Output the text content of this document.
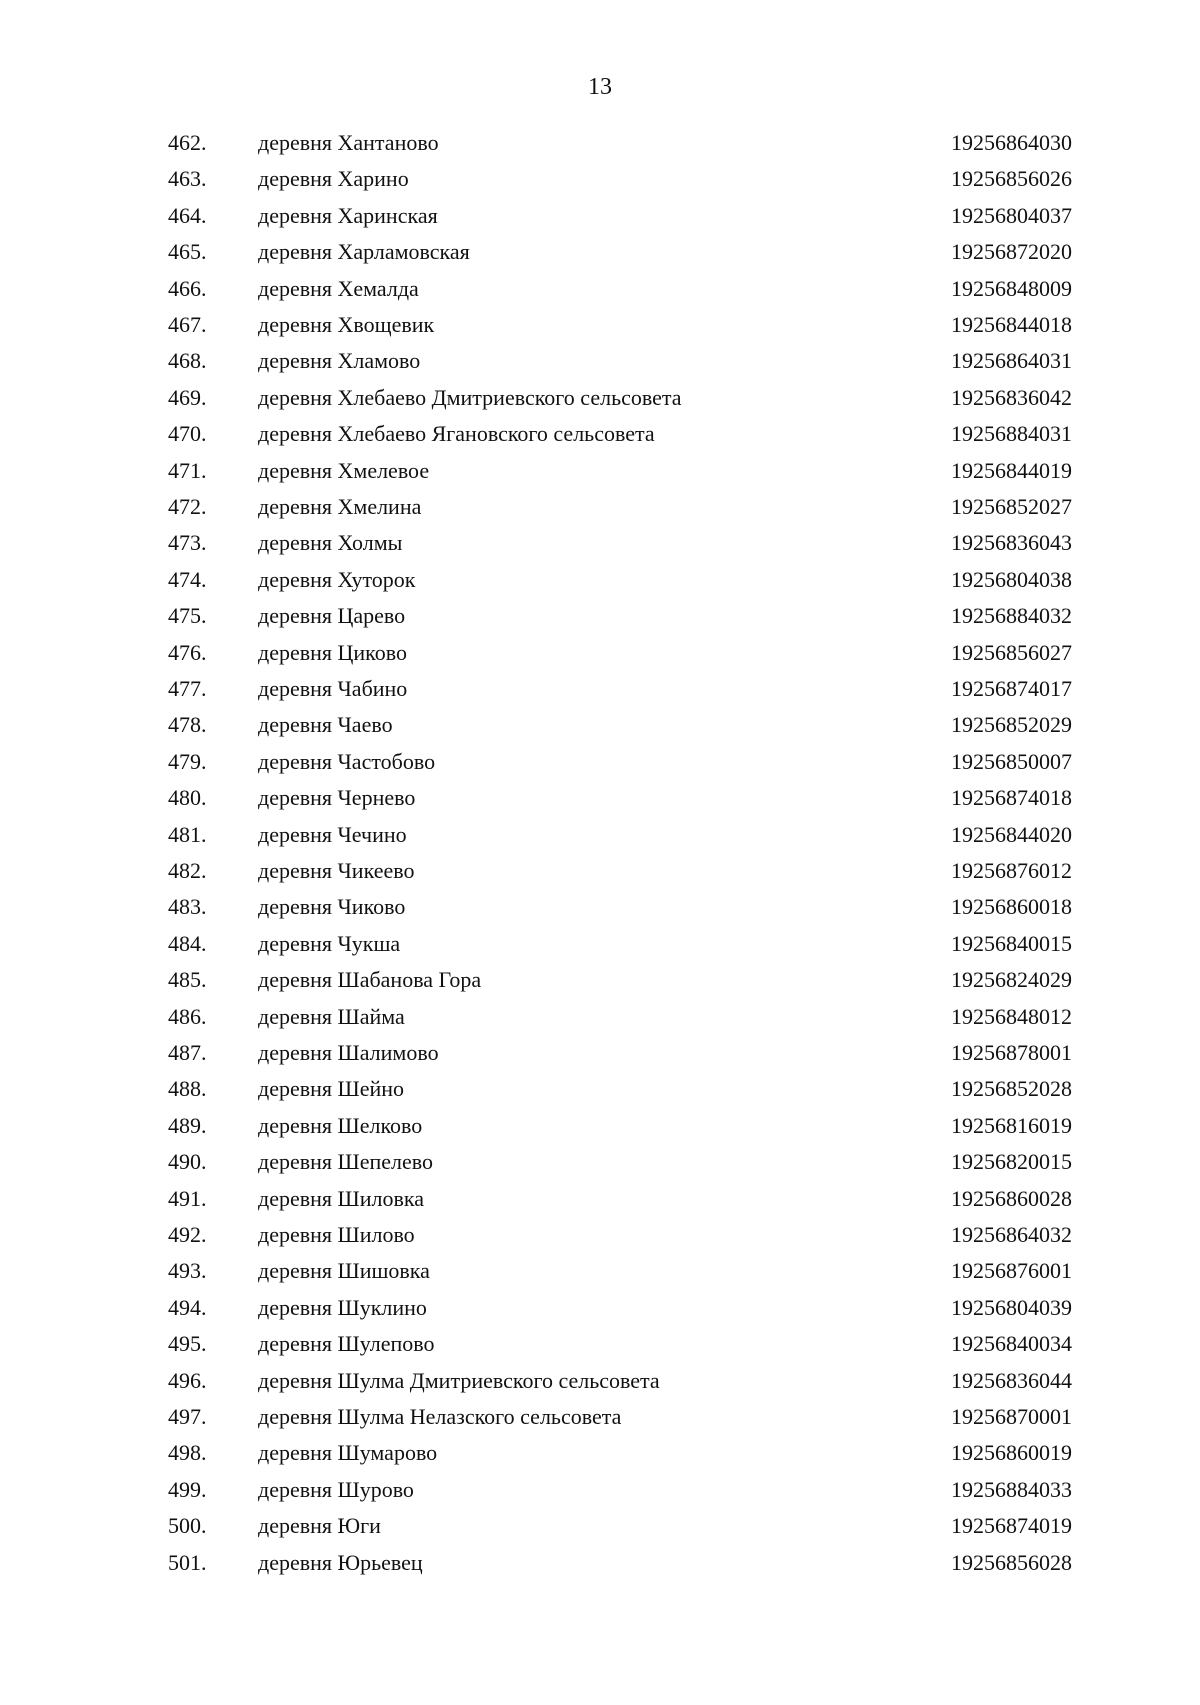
13
462.	деревня Хантаново	19256864030
463.	деревня Харино	19256856026
464.	деревня Харинская	19256804037
465.	деревня Харламовская	19256872020
466.	деревня Хемалда	19256848009
467.	деревня Хвощевик	19256844018
468.	деревня Хламово	19256864031
469.	деревня Хлебаево Дмитриевского сельсовета	19256836042
470.	деревня Хлебаево Ягановского сельсовета	19256884031
471.	деревня Хмелевое	19256844019
472.	деревня Хмелина	19256852027
473.	деревня Холмы	19256836043
474.	деревня Хуторок	19256804038
475.	деревня Царево	19256884032
476.	деревня Циково	19256856027
477.	деревня Чабино	19256874017
478.	деревня Чаево	19256852029
479.	деревня Частобово	19256850007
480.	деревня Чернево	19256874018
481.	деревня Чечино	19256844020
482.	деревня Чикеево	19256876012
483.	деревня Чиково	19256860018
484.	деревня Чукша	19256840015
485.	деревня Шабанова Гора	19256824029
486.	деревня Шайма	19256848012
487.	деревня Шалимово	19256878001
488.	деревня Шейно	19256852028
489.	деревня Шелково	19256816019
490.	деревня Шепелево	19256820015
491.	деревня Шиловка	19256860028
492.	деревня Шилово	19256864032
493.	деревня Шишовка	19256876001
494.	деревня Шуклино	19256804039
495.	деревня Шулепово	19256840034
496.	деревня Шулма Дмитриевского сельсовета	19256836044
497.	деревня Шулма Нелазского сельсовета	19256870001
498.	деревня Шумарово	19256860019
499.	деревня Шурово	19256884033
500.	деревня Юги	19256874019
501.	деревня Юрьевец	19256856028
